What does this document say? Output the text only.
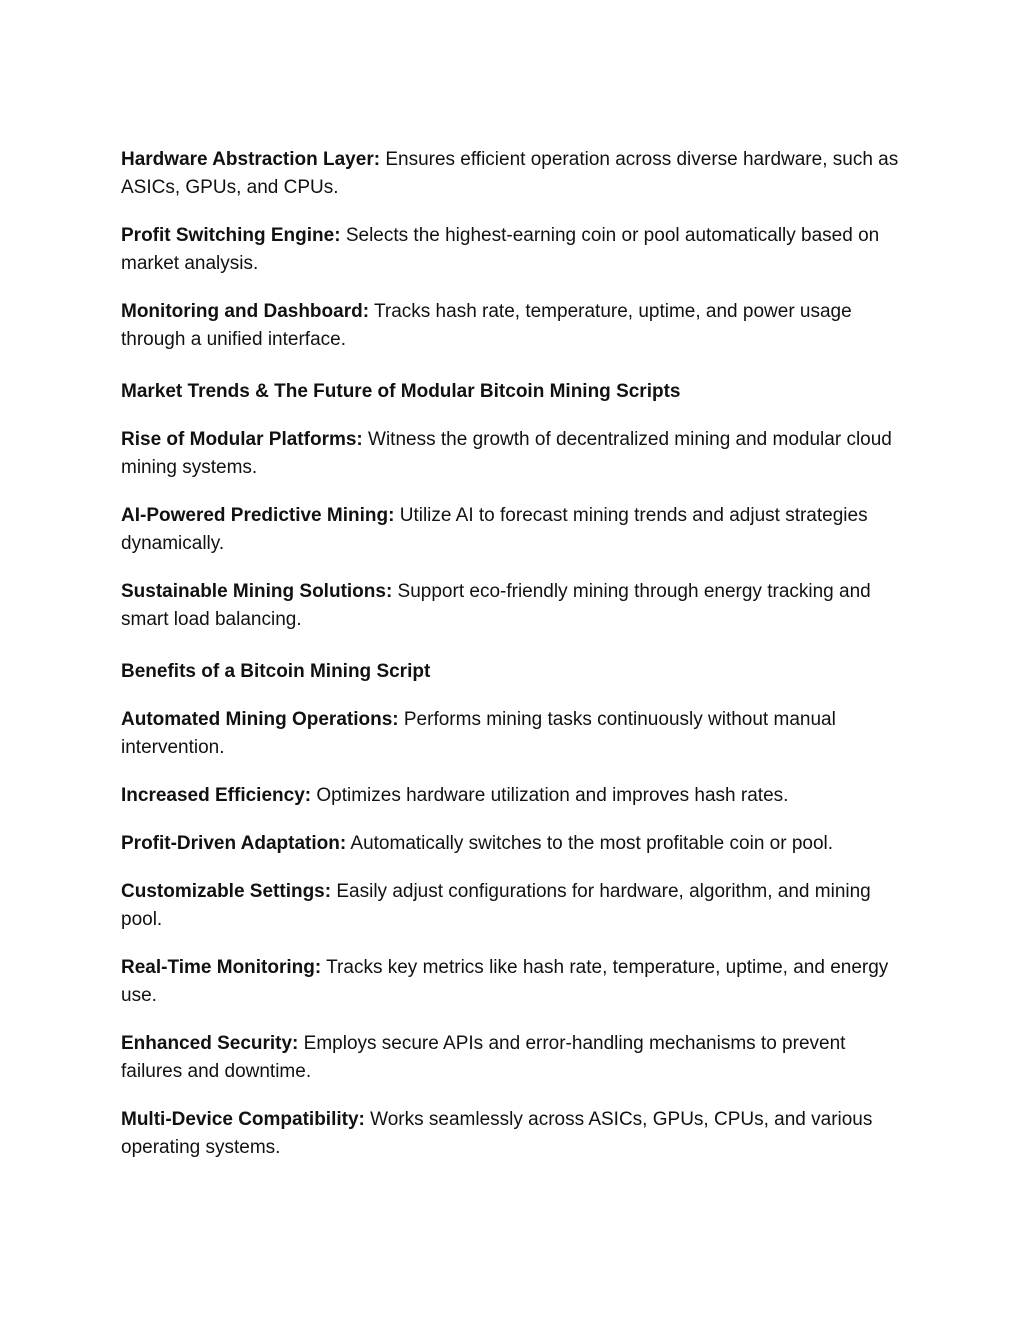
Hardware Abstraction Layer: Ensures efficient operation across diverse hardware, such as ASICs, GPUs, and CPUs.

Profit Switching Engine: Selects the highest-earning coin or pool automatically based on market analysis.

Monitoring and Dashboard: Tracks hash rate, temperature, uptime, and power usage through a unified interface.

Market Trends & The Future of Modular Bitcoin Mining Scripts

Rise of Modular Platforms: Witness the growth of decentralized mining and modular cloud mining systems.

AI-Powered Predictive Mining: Utilize AI to forecast mining trends and adjust strategies dynamically.

Sustainable Mining Solutions: Support eco-friendly mining through energy tracking and smart load balancing.

Benefits of a Bitcoin Mining Script

Automated Mining Operations: Performs mining tasks continuously without manual intervention.

Increased Efficiency: Optimizes hardware utilization and improves hash rates.

Profit-Driven Adaptation: Automatically switches to the most profitable coin or pool.

Customizable Settings: Easily adjust configurations for hardware, algorithm, and mining pool.

Real-Time Monitoring: Tracks key metrics like hash rate, temperature, uptime, and energy use.

Enhanced Security: Employs secure APIs and error-handling mechanisms to prevent failures and downtime.

Multi-Device Compatibility: Works seamlessly across ASICs, GPUs, CPUs, and various operating systems.
